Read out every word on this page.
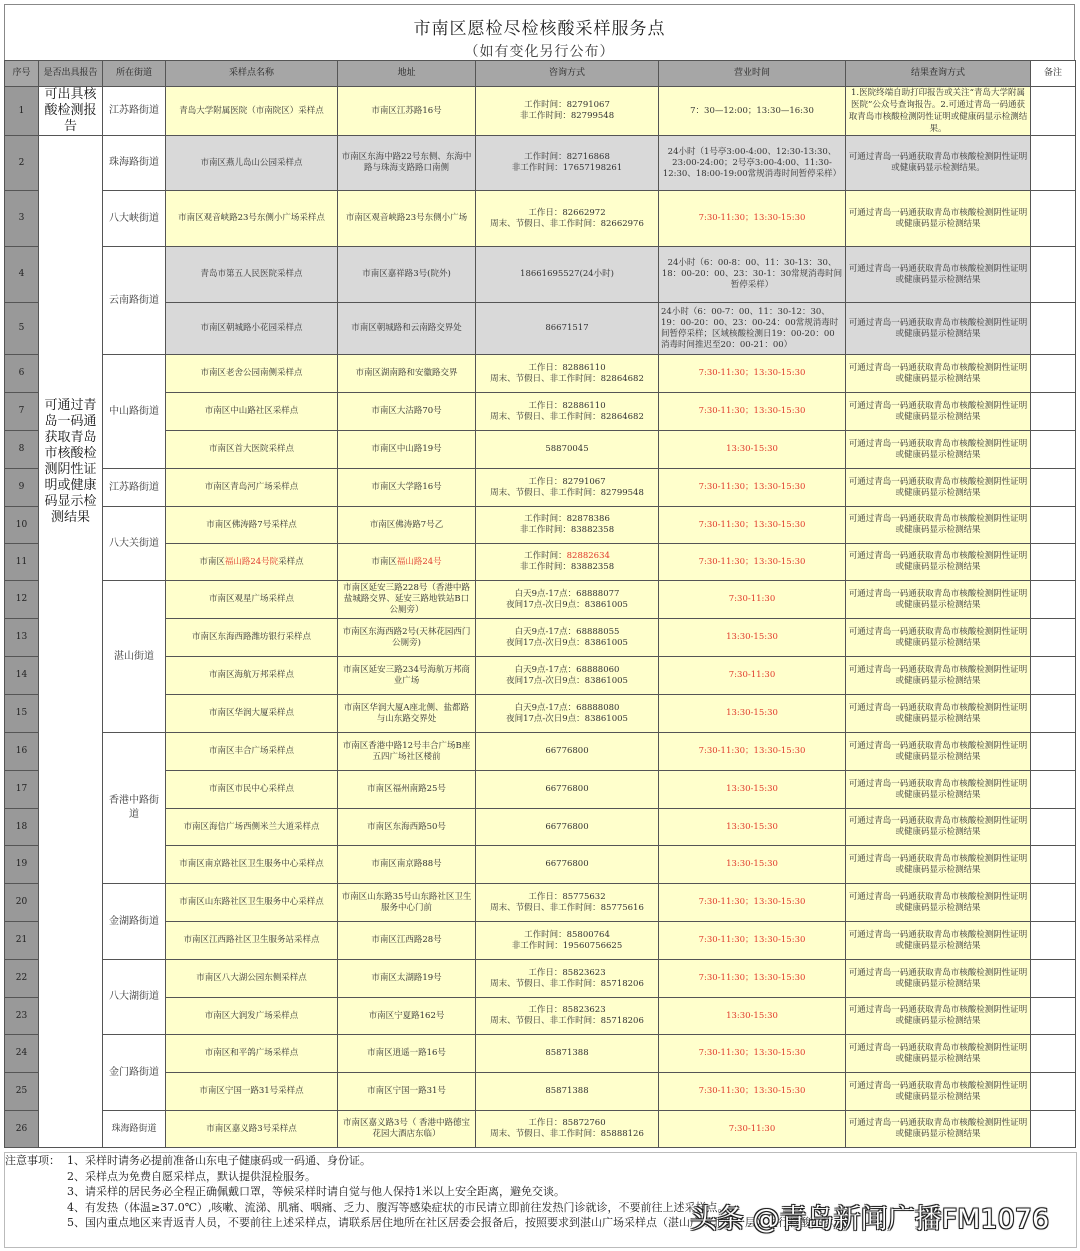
市南区愿检尽检核酸采样服务点
（如有变化另行公布）
序号	是否出具报告	所在街道	采样点名称	地址	咨询方式	营业时间	结果查询方式	备注
1	可出具核酸检测报告	江苏路街道	青岛大学附属医院（市南院区）采样点	市南区江苏路16号	工作时间：82791067
非工作时间：82799548	7：30—12:00；13:30—16:30	1.医院终端自助打印报告或关注“青岛大学附属医院”公众号查询报告。2.可通过青岛一码通获取青岛市核酸检测阴性证明或健康码显示检测结果。	
2	可通过青岛一码通获取青岛市核酸检测阴性证明或健康码显示检测结果	珠海路街道	市南区燕儿岛山公园采样点	市南区东海中路22号东侧、东海中路与珠海支路路口南侧	工作时间：82716868
非工作时间：17657198261	24小时（1号亭3:00-4:00、12:30-13:30、23:00-24:00；2号亭3:00-4:00、11:30-12:30、18:00-19:00常规消毒时间暂停采样）	可通过青岛一码通获取青岛市核酸检测阴性证明或健康码显示检测结果。	
3		八大峡街道	市南区观音峡路23号东侧小广场采样点	市南区观音峡路23号东侧小广场	工作日：82662972
周末、节假日、非工作时间：82662976	7:30-11:30；13:30-15:30	可通过青岛一码通获取青岛市核酸检测阴性证明或健康码显示检测结果	
4		云南路街道	青岛市第五人民医院采样点	市南区嘉祥路3号(院外)	18661695527(24小时)	24小时（6：00-8：00、11：30-13：30、18：00-20：00、23：30-1：30常规消毒时间暂停采样）	可通过青岛一码通获取青岛市核酸检测阴性证明或健康码显示检测结果	
5			市南区朝城路小花园采样点	市南区朝城路和云南路交界处	86671517	24小时（6：00-7：00、11：30-12：30、19：00-20：00、23：00-24：00常规消毒时间暂停采样；区域核酸检测日19：00-20：00消毒时间推迟至20：00-21：00）	可通过青岛一码通获取青岛市核酸检测阴性证明或健康码显示检测结果	
6		中山路街道	市南区老舍公园南侧采样点	市南区湖南路和安徽路交界	工作日：82886110
周末、节假日、非工作时间：82864682	7:30-11:30；13:30-15:30	可通过青岛一码通获取青岛市核酸检测阴性证明或健康码显示检测结果	
7			市南区中山路社区采样点	市南区大沽路70号	工作日：82886110
周末、节假日、非工作时间：82864682	7:30-11:30；13:30-15:30	可通过青岛一码通获取青岛市核酸检测阴性证明或健康码显示检测结果	
8			市南区首大医院采样点	市南区中山路19号	58870045	13:30-15:30	可通过青岛一码通获取青岛市核酸检测阴性证明或健康码显示检测结果	
9		江苏路街道	市南区青岛河广场采样点	市南区大学路16号	工作日：82791067
周末、节假日、非工作时间：82799548	7:30-11:30；13:30-15:30	可通过青岛一码通获取青岛市核酸检测阴性证明或健康码显示检测结果	
10		八大关街道	市南区佛涛路7号采样点	市南区佛涛路7号乙	工作时间：82878386
非工作时间：83882358	7:30-11:30；13:30-15:30	可通过青岛一码通获取青岛市核酸检测阴性证明或健康码显示检测结果	
11			市南区福山路24号院采样点	市南区福山路24号	工作时间：82882634
非工作时间：83882358	7:30-11:30；13:30-15:30	可通过青岛一码通获取青岛市核酸检测阴性证明或健康码显示检测结果	
12		湛山街道	市南区观星广场采样点	市南区延安三路228号（香港中路盐城路交界、延安三路地铁站B口公厕旁）	白天9点-17点：68888077
夜间17点-次日9点：83861005	7:30-11:30	可通过青岛一码通获取青岛市核酸检测阴性证明或健康码显示检测结果	
13			市南区东海西路潍坊银行采样点	市南区东海西路2号(天林花园西门公厕旁)	白天9点-17点：68888055
夜间17点-次日9点：83861005	13:30-15:30	可通过青岛一码通获取青岛市核酸检测阴性证明或健康码显示检测结果	
14			市南区海航万邦采样点	市南区延安三路234号海航万邦商业广场	白天9点-17点：68888060
夜间17点-次日9点：83861005	7:30-11:30	可通过青岛一码通获取青岛市核酸检测阴性证明或健康码显示检测结果	
15			市南区华润大厦采样点	市南区华润大厦A座北侧、盐都路与山东路交界处	白天9点-17点：68888080
夜间17点-次日9点：83861005	13:30-15:30	可通过青岛一码通获取青岛市核酸检测阴性证明或健康码显示检测结果	
16		香港中路街道	市南区丰合广场采样点	市南区香港中路12号丰合广场B座五四广场社区楼前	66776800	7:30-11:30；13:30-15:30	可通过青岛一码通获取青岛市核酸检测阴性证明或健康码显示检测结果	
17			市南区市民中心采样点	市南区福州南路25号	66776800	13:30-15:30	可通过青岛一码通获取青岛市核酸检测阴性证明或健康码显示检测结果	
18			市南区海信广场西侧米兰大道采样点	市南区东海西路50号	66776800	13:30-15:30	可通过青岛一码通获取青岛市核酸检测阴性证明或健康码显示检测结果	
19			市南区南京路社区卫生服务中心采样点	市南区南京路88号	66776800	13:30-15:30	可通过青岛一码通获取青岛市核酸检测阴性证明或健康码显示检测结果	
20		金湖路街道	市南区山东路社区卫生服务中心采样点	市南区山东路35号山东路社区卫生服务中心门前	工作日：85775632
周末、节假日、非工作时间：85775616	7:30-11:30；13:30-15:30	可通过青岛一码通获取青岛市核酸检测阴性证明或健康码显示检测结果	
21			市南区江西路社区卫生服务站采样点	市南区江西路28号	工作时间：85800764
非工作时间：19560756625	7:30-11:30；13:30-15:30	可通过青岛一码通获取青岛市核酸检测阴性证明或健康码显示检测结果	
22		八大湖街道	市南区八大湖公园东侧采样点	市南区太湖路19号	工作日：85823623
周末、节假日、非工作时间：85718206	7:30-11:30；13:30-15:30	可通过青岛一码通获取青岛市核酸检测阴性证明或健康码显示检测结果	
23			市南区大润发广场采样点	市南区宁夏路162号	工作日：85823623
周末、节假日、非工作时间：85718206	13:30-15:30	可通过青岛一码通获取青岛市核酸检测阴性证明或健康码显示检测结果	
24		金门路街道	市南区和平鸽广场采样点	市南区逍遥一路16号	85871388	7:30-11:30；13:30-15:30	可通过青岛一码通获取青岛市核酸检测阴性证明或健康码显示检测结果	
25			市南区宁国一路31号采样点	市南区宁国一路31号	85871388	7:30-11:30；13:30-15:30	可通过青岛一码通获取青岛市核酸检测阴性证明或健康码显示检测结果	
26		珠海路街道	市南区嘉义路3号采样点	市南区嘉义路3号（ 香港中路德宝花园大酒店东临）	工作日：85872760
周末、节假日、非工作时间：85888126	7:30-11:30	可通过青岛一码通获取青岛市核酸检测阴性证明或健康码显示检测结果	
注意事项： 1、采样时请务必提前准备山东电子健康码或一码通、身份证。
2、采样点为免费自愿采样点，默认提供混检服务。
3、请采样的居民务必全程正确佩戴口罩，等候采样时请自觉与他人保持1米以上安全距离，避免交谈。
4、有发热（体温≥37.0℃）,咳嗽、流涕、肌痛、咽痛、乏力、腹泻等感染症状的市民请立即前往发热门诊就诊，不要前往上述采样点。
5、国内重点地区来青返青人员，不要前往上述采样点，请联系居住地所在社区居委会报备后，按照要求到湛山广场采样点（湛山广场北侧一层）进行核酸采样。
头条 @青岛新闻广播FM1076
